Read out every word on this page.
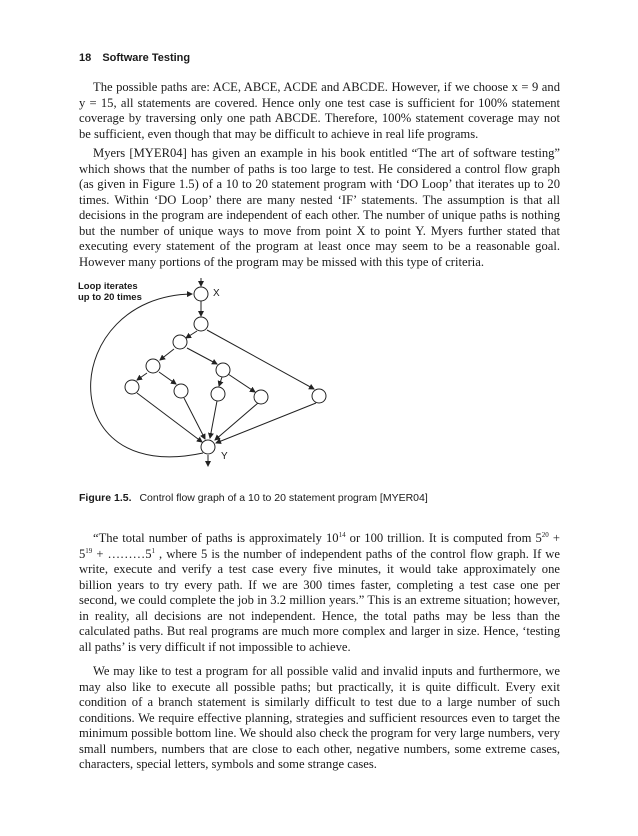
18 Software Testing

The possible paths are: ACE, ABCE, ACDE and ABCDE. However, if we choose x = 9 and y = 15, all statements are covered. Hence only one test case is sufficient for 100% statement coverage by traversing only one path ABCDE. Therefore, 100% statement coverage may not be sufficient, even though that may be difficult to achieve in real life programs.

Myers [MYER04] has given an example in his book entitled “The art of software testing” which shows that the number of paths is too large to test. He considered a control flow graph (as given in Figure 1.5) of a 10 to 20 statement program with ‘DO Loop’ that iterates up to 20 times. Within ‘DO Loop’ there are many nested ‘IF’ statements. The assumption is that all decisions in the program are independent of each other. The number of unique paths is nothing but the number of unique ways to move from point X to point Y. Myers further stated that executing every statement of the program at least once may seem to be a reasonable goal. However many portions of the program may be missed with this type of criteria.

Loop iterates
up to 20 times	X
Y
Figure 1.5. Control flow graph of a 10 to 20 statement program [MYER04]

“The total number of paths is approximately $10^{14}$ or 100 trillion. It is computed from $5^{20} + 5^{19}$ + $\dots\dots\dots 5^1$ , where 5 is the number of independent paths of the control flow graph. If we write, execute and verify a test case every five minutes, it would take approximately one billion years to try every path. If we are 300 times faster, completing a test case one per second, we could complete the job in 3.2 million years.” This is an extreme situation; however, in reality, all decisions are not independent. Hence, the total paths may be less than the calculated paths. But real programs are much more complex and larger in size. Hence, ‘testing all paths’ is very difficult if not impossible to achieve.

We may like to test a program for all possible valid and invalid inputs and furthermore, we may also like to execute all possible paths; but practically, it is quite difficult. Every exit condition of a branch statement is similarly difficult to test due to a large number of such conditions. We require effective planning, strategies and sufficient resources even to target the minimum possible bottom line. We should also check the program for very large numbers, very small numbers, numbers that are close to each other, negative numbers, some extreme cases, characters, special letters, symbols and some strange cases.
